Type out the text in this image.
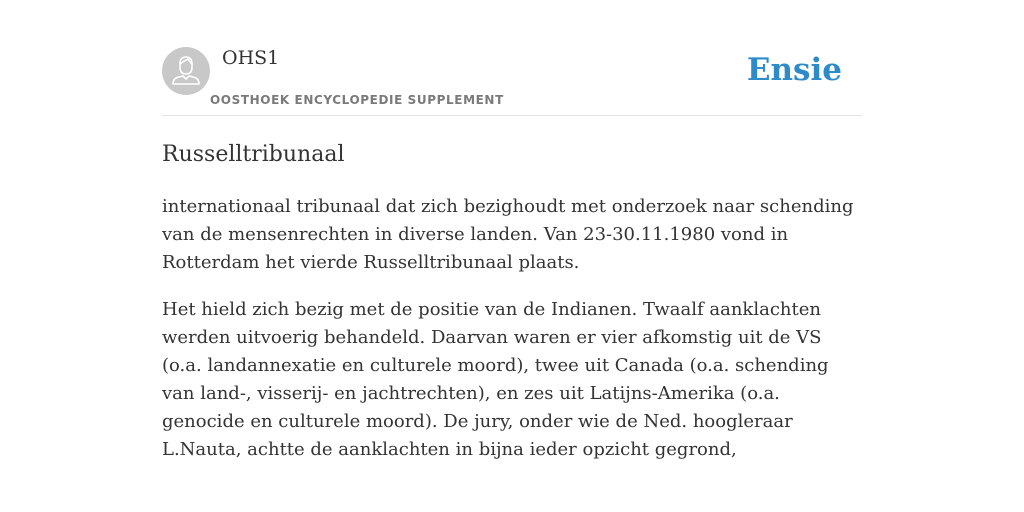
OHS1
OOSTHOEK ENCYCLOPEDIE SUPPLEMENT
Ensie
Russelltribunaal

internationaal tribunaal dat zich bezighoudt met onderzoek naar schending van de mensenrechten in diverse landen. Van 23-30.11.1980 vond in Rotterdam het vierde Russelltribunaal plaats.

Het hield zich bezig met de positie van de Indianen. Twaalf aanklachten werden uitvoerig behandeld. Daarvan waren er vier afkomstig uit de VS (o.a. landannexatie en culturele moord), twee uit Canada (o.a. schending van land-, visserij- en jachtrechten), en zes uit Latijns-Amerika (o.a. genocide en culturele moord). De jury, onder wie de Ned. hoogleraar L.Nauta, achtte de aanklachten in bijna ieder opzicht gegrond,
